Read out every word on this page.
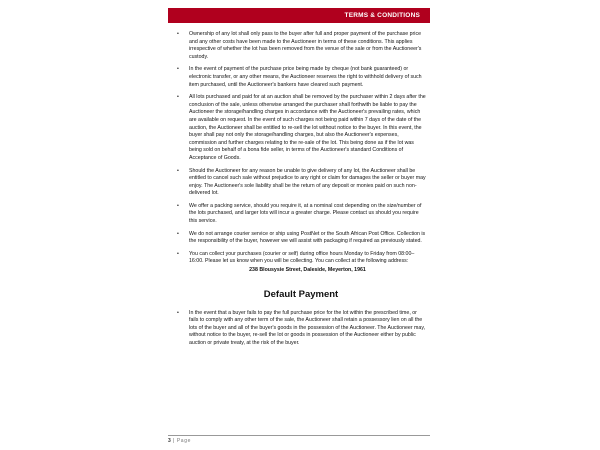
TERMS & CONDITIONS
• Ownership of any lot shall only pass to the buyer after full and proper payment of the purchase price and any other costs have been made to the Auctioneer in terms of these conditions. This applies irrespective of whether the lot has been removed from the venue of the sale or from the Auctioneer's custody.
• In the event of payment of the purchase price being made by cheque (not bank guaranteed) or electronic transfer, or any other means, the Auctioneer reserves the right to withhold delivery of such item purchased, until the Auctioneer's bankers have cleared such payment.
• All lots purchased and paid for at an auction shall be removed by the purchaser within 2 days after the conclusion of the sale, unless otherwise arranged the purchaser shall forthwith be liable to pay the Auctioneer the storage/handling charges in accordance with the Auctioneer's prevailing rates, which are available on request. In the event of such charges not being paid within 7 days of the date of the auction, the Auctioneer shall be entitled to re-sell the lot without notice to the buyer. In this event, the buyer shall pay not only the storage/handling charges, but also the Auctioneer's expenses, commission and further charges relating to the re-sale of the lot. This being done as if the lot was being sold on behalf of a bona fide seller, in terms of the Auctioneer's standard Conditions of Acceptance of Goods.
• Should the Auctioneer for any reason be unable to give delivery of any lot, the Auctioneer shall be entitled to cancel such sale without prejudice to any right or claim for damages the seller or buyer may enjoy. The Auctioneer's sole liability shall be the return of any deposit or monies paid on such non-delivered lot.
• We offer a packing service, should you require it, at a nominal cost depending on the size/number of the lots purchased, and larger lots will incur a greater charge. Please contact us should you require this service.
• We do not arrange courier service or ship using PostNet or the South African Post Office. Collection is the responsibility of the buyer, however we will assist with packaging if required as previously stated.
• You can collect your purchases (courier or self) during office hours Monday to Friday from 08:00–16:00. Please let us know when you will be collecting. You can collect at the following address:
238 Blousysie Street, Daleside, Meyerton, 1961
Default Payment
• In the event that a buyer fails to pay the full purchase price for the lot within the prescribed time, or fails to comply with any other term of the sale, the Auctioneer shall retain a possessory lien on all the lots of the buyer and all of the buyer's goods in the possession of the Auctioneer. The Auctioneer may, without notice to the buyer, re-sell the lot or goods in possession of the Auctioneer either by public auction or private treaty, at the risk of the buyer.
3 | Page
